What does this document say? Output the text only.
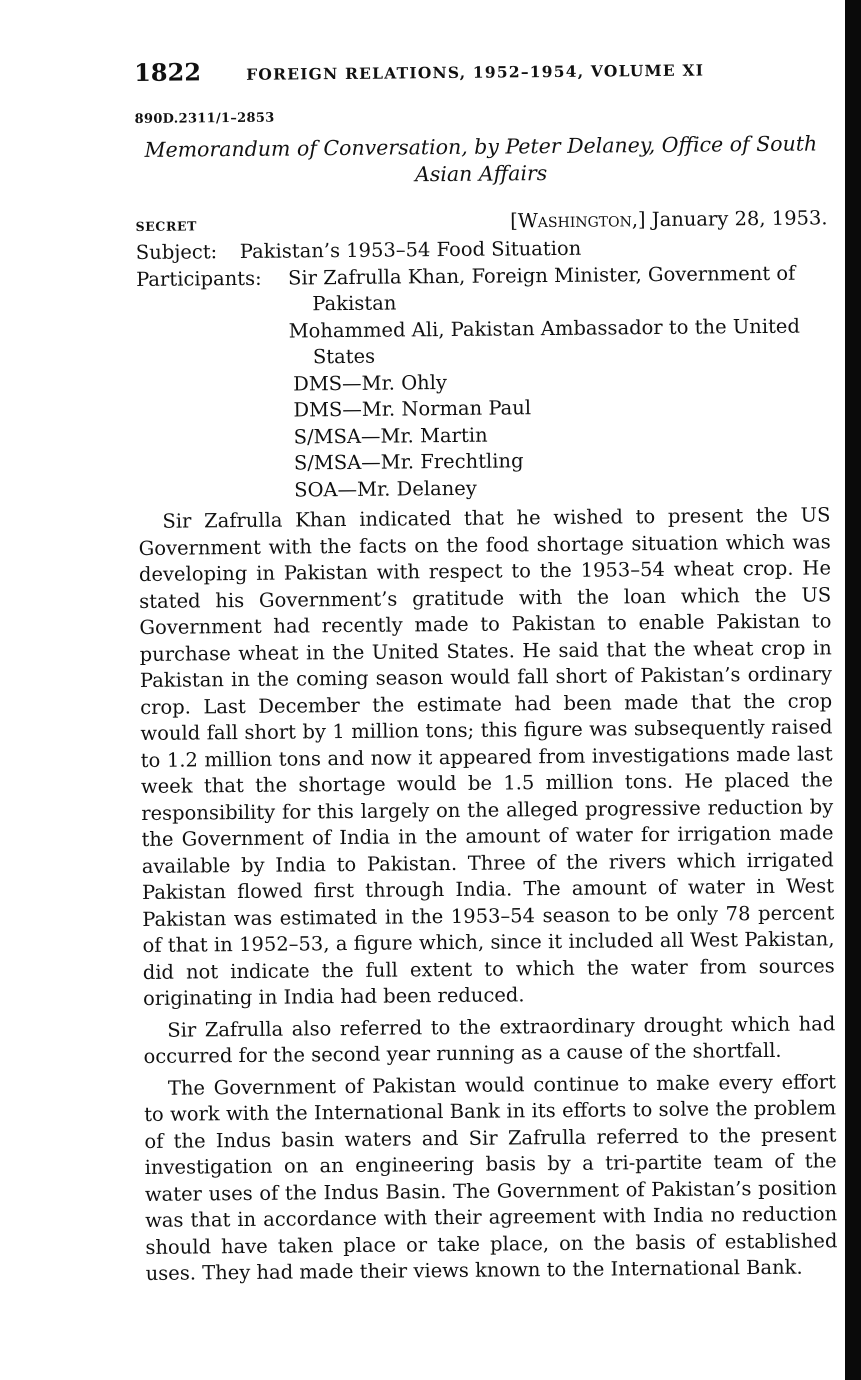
1822	FOREIGN RELATIONS, 1952–1954, VOLUME XI
890D.2311/1–2853
Memorandum of Conversation, by Peter Delaney, Office of South
Asian Affairs
SECRET	[Washington,] January 28, 1953.
Subject:	Pakistan’s 1953–54 Food Situation
Participants:	Sir Zafrulla Khan, Foreign Minister, Government of Pakistan
Mohammed Ali, Pakistan Ambassador to the United States
DMS—Mr. Ohly
DMS—Mr. Norman Paul
S/MSA—Mr. Martin
S/MSA—Mr. Frechtling
SOA—Mr. Delaney

Sir Zafrulla Khan indicated that he wished to present the US Government with the facts on the food shortage situation which was developing in Pakistan with respect to the 1953–54 wheat crop. He stated his Government’s gratitude with the loan which the US Government had recently made to Pakistan to enable Pakistan to purchase wheat in the United States. He said that the wheat crop in Pakistan in the coming season would fall short of Pakistan’s ordinary crop. Last December the estimate had been made that the crop would fall short by 1 million tons; this figure was subsequently raised to 1.2 million tons and now it appeared from investigations made last week that the shortage would be 1.5 million tons. He placed the responsibility for this largely on the alleged progressive reduction by the Government of India in the amount of water for irrigation made available by India to Pakistan. Three of the rivers which irrigated Pakistan flowed first through India. The amount of water in West Pakistan was estimated in the 1953–54 season to be only 78 percent of that in 1952–53, a figure which, since it included all West Pakistan, did not indicate the full extent to which the water from sources originating in India had been reduced.

Sir Zafrulla also referred to the extraordinary drought which had occurred for the second year running as a cause of the shortfall.

The Government of Pakistan would continue to make every effort to work with the International Bank in its efforts to solve the problem of the Indus basin waters and Sir Zafrulla referred to the present investigation on an engineering basis by a tri-partite team of the water uses of the Indus Basin. The Government of Pakistan’s position was that in accordance with their agreement with India no reduction should have taken place or take place, on the basis of established uses. They had made their views known to the International Bank.
